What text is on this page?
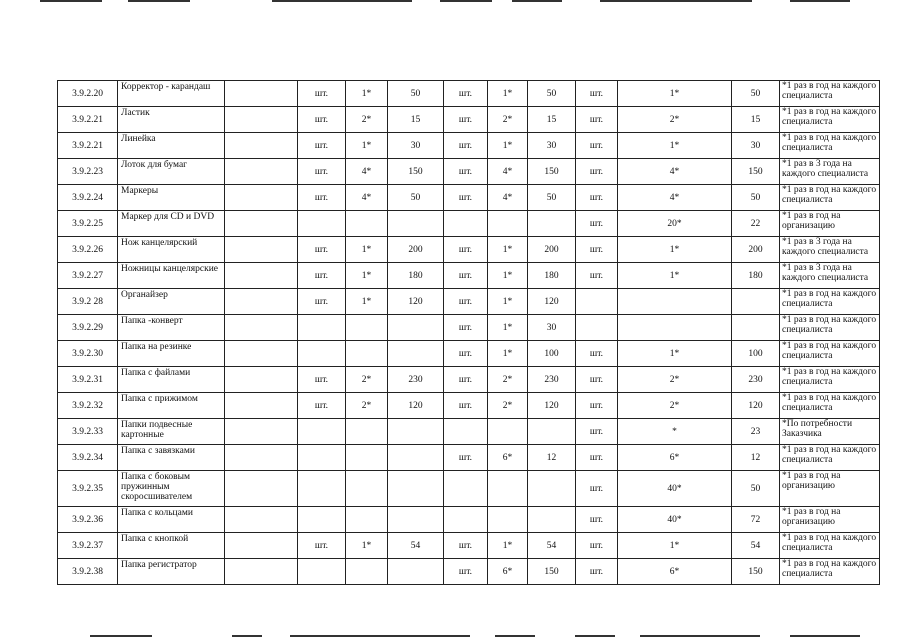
3.9.2.20	Корректор - карандаш		шт.	1*	50	шт.	1*	50	шт.	1*	50	*1 раз в год на каждого специалиста
3.9.2.21	Ластик		шт.	2*	15	шт.	2*	15	шт.	2*	15	*1 раз в год на каждого специалиста
3.9.2.21	Линейка		шт.	1*	30	шт.	1*	30	шт.	1*	30	*1 раз в год на каждого специалиста
3.9.2.23	Лоток для бумаг		шт.	4*	150	шт.	4*	150	шт.	4*	150	*1 раз в 3 года на каждого специалиста
3.9.2.24	Маркеры		шт.	4*	50	шт.	4*	50	шт.	4*	50	*1 раз в год на каждого специалиста
3.9.2.25	Маркер для CD и DVD								шт.	20*	22	*1 раз в год на организацию
3.9.2.26	Нож канцелярский		шт.	1*	200	шт.	1*	200	шт.	1*	200	*1 раз в 3 года на каждого специалиста
3.9.2.27	Ножницы канцелярские		шт.	1*	180	шт.	1*	180	шт.	1*	180	*1 раз в 3 года на каждого специалиста
3.9.2 28	Органайзер		шт.	1*	120	шт.	1*	120				*1 раз в год на каждого специалиста
3.9.2.29	Папка -конверт					шт.	1*	30				*1 раз в год на каждого специалиста
3.9.2.30	Папка на резинке					шт.	1*	100	шт.	1*	100	*1 раз в год на каждого специалиста
3.9.2.31	Папка с файлами		шт.	2*	230	шт.	2*	230	шт.	2*	230	*1 раз в год на каждого специалиста
3.9.2.32	Папка с прижимом		шт.	2*	120	шт.	2*	120	шт.	2*	120	*1 раз в год на каждого специалиста
3.9.2.33	Папки подвесные картонные								шт.	*	23	*По потребности Заказчика
3.9.2.34	Папка с завязками					шт.	6*	12	шт.	6*	12	*1 раз в год на каждого специалиста
3.9.2.35	Папка с боковым пружинным скоросшивателем								шт.	40*	50	*1 раз в год на организацию
3.9.2.36	Папка с кольцами								шт.	40*	72	*1 раз в год на организацию
3.9.2.37	Папка с кнопкой		шт.	1*	54	шт.	1*	54	шт.	1*	54	*1 раз в год на каждого специалиста
3.9.2.38	Папка регистратор					шт.	6*	150	шт.	6*	150	*1 раз в год на каждого специалиста
